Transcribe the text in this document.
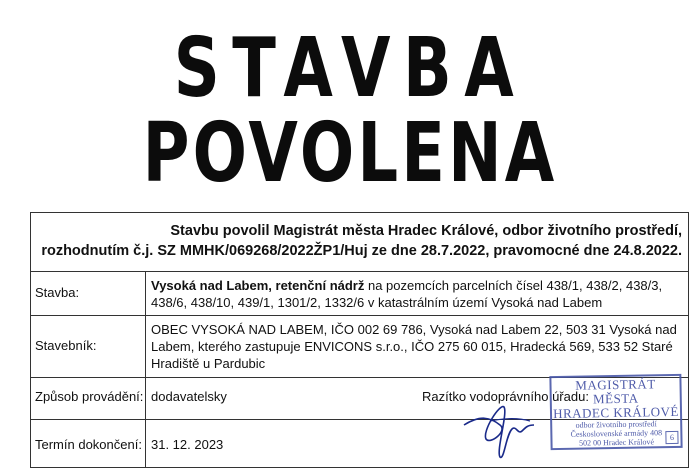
STAVBA
POVOLENA
Stavbu povolil Magistrát města Hradec Králové, odbor životního prostředí,
rozhodnutím č.j. SZ MMHK/069268/2022ŽP1/Huj ze dne 28.7.2022, pravomocné dne 24.8.2022.
Stavba:	Vysoká nad Labem, retenční nádrž na pozemcích parcelních čísel 438/1, 438/2, 438/3,
438/6, 438/10, 439/1, 1301/2, 1332/6 v katastrálním území Vysoká nad Labem
Stavebník:
OBEC VYSOKÁ NAD LABEM, IČO 002 69 786, Vysoká nad Labem 22, 503 31 Vysoká nad
Labem, kterého zastupuje ENVICONS s.r.o., IČO 275 60 015, Hradecká 569, 533 52 Staré
Hradiště u Pardubic
Způsob provádění: dodavatelsky	Razítko vodoprávního úřadu:
Termín dokončení: 31. 12. 2023
MAGISTRÁT MĚSTA
HRADEC KRÁLOVÉ
odbor životního prostředí
Československé armády 408
502 00 Hradec Králové	6
